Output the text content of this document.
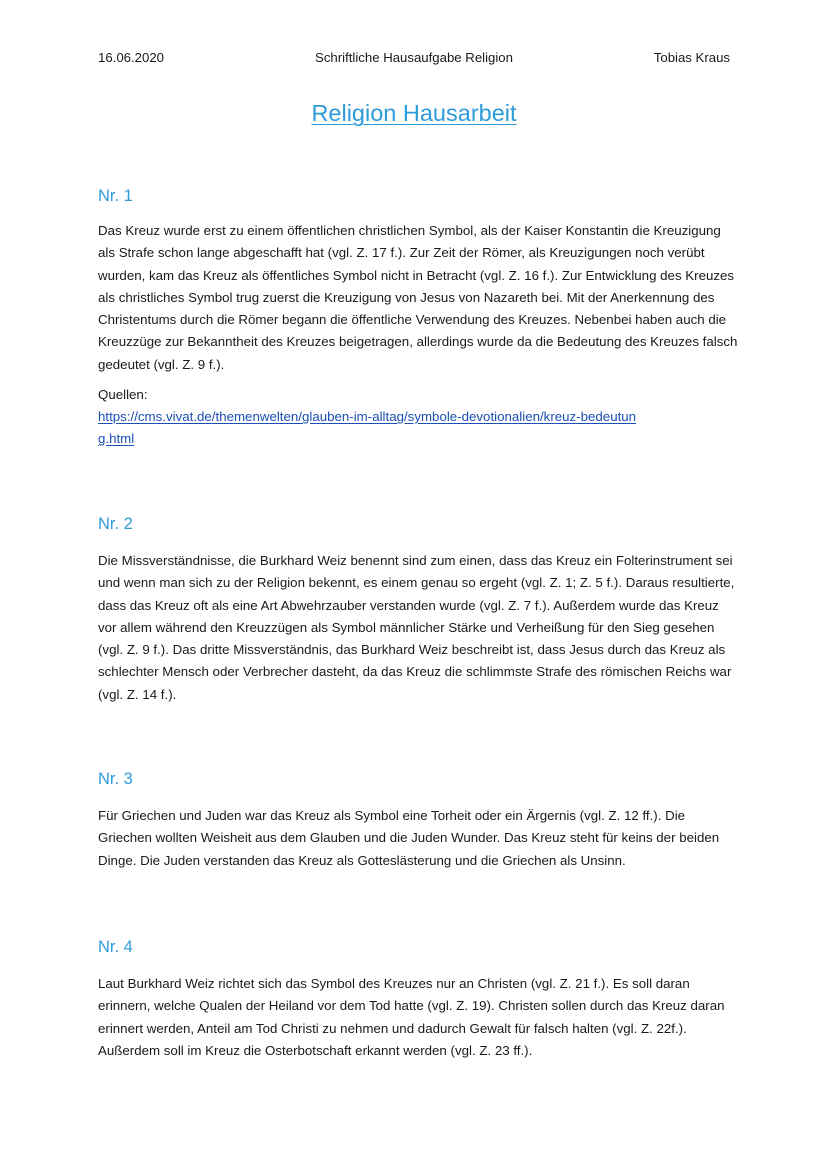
16.06.2020	Schriftliche Hausaufgabe Religion	Tobias Kraus
Religion Hausarbeit

Nr. 1

Das Kreuz wurde erst zu einem öffentlichen christlichen Symbol, als der Kaiser Konstantin die Kreuzigung als Strafe schon lange abgeschafft hat (vgl. Z. 17 f.). Zur Zeit der Römer, als Kreuzigungen noch verübt wurden, kam das Kreuz als öffentliches Symbol nicht in Betracht (vgl. Z. 16 f.). Zur Entwicklung des Kreuzes als christliches Symbol trug zuerst die Kreuzigung von Jesus von Nazareth bei. Mit der Anerkennung des Christentums durch die Römer begann die öffentliche Verwendung des Kreuzes. Nebenbei haben auch die Kreuzzüge zur Bekanntheit des Kreuzes beigetragen, allerdings wurde da die Bedeutung des Kreuzes falsch gedeutet (vgl. Z. 9 f.).

Quellen:

https://cms.vivat.de/themenwelten/glauben-im-alltag/symbole-devotionalien/kreuz-bedeutung.html

Nr. 2

Die Missverständnisse, die Burkhard Weiz benennt sind zum einen, dass das Kreuz ein Folterinstrument sei und wenn man sich zu der Religion bekennt, es einem genau so ergeht (vgl. Z. 1; Z. 5 f.). Daraus resultierte, dass das Kreuz oft als eine Art Abwehrzauber verstanden wurde (vgl. Z. 7 f.). Außerdem wurde das Kreuz vor allem während den Kreuzzügen als Symbol männlicher Stärke und Verheißung für den Sieg gesehen (vgl. Z. 9 f.). Das dritte Missverständnis, das Burkhard Weiz beschreibt ist, dass Jesus durch das Kreuz als schlechter Mensch oder Verbrecher dasteht, da das Kreuz die schlimmste Strafe des römischen Reichs war (vgl. Z. 14 f.).

Nr. 3

Für Griechen und Juden war das Kreuz als Symbol eine Torheit oder ein Ärgernis (vgl. Z. 12 ff.). Die Griechen wollten Weisheit aus dem Glauben und die Juden Wunder. Das Kreuz steht für keins der beiden Dinge. Die Juden verstanden das Kreuz als Gotteslästerung und die Griechen als Unsinn.

Nr. 4

Laut Burkhard Weiz richtet sich das Symbol des Kreuzes nur an Christen (vgl. Z. 21 f.). Es soll daran erinnern, welche Qualen der Heiland vor dem Tod hatte (vgl. Z. 19). Christen sollen durch das Kreuz daran erinnert werden, Anteil am Tod Christi zu nehmen und dadurch Gewalt für falsch halten (vgl. Z. 22f.). Außerdem soll im Kreuz die Osterbotschaft erkannt werden (vgl. Z. 23 ff.).
